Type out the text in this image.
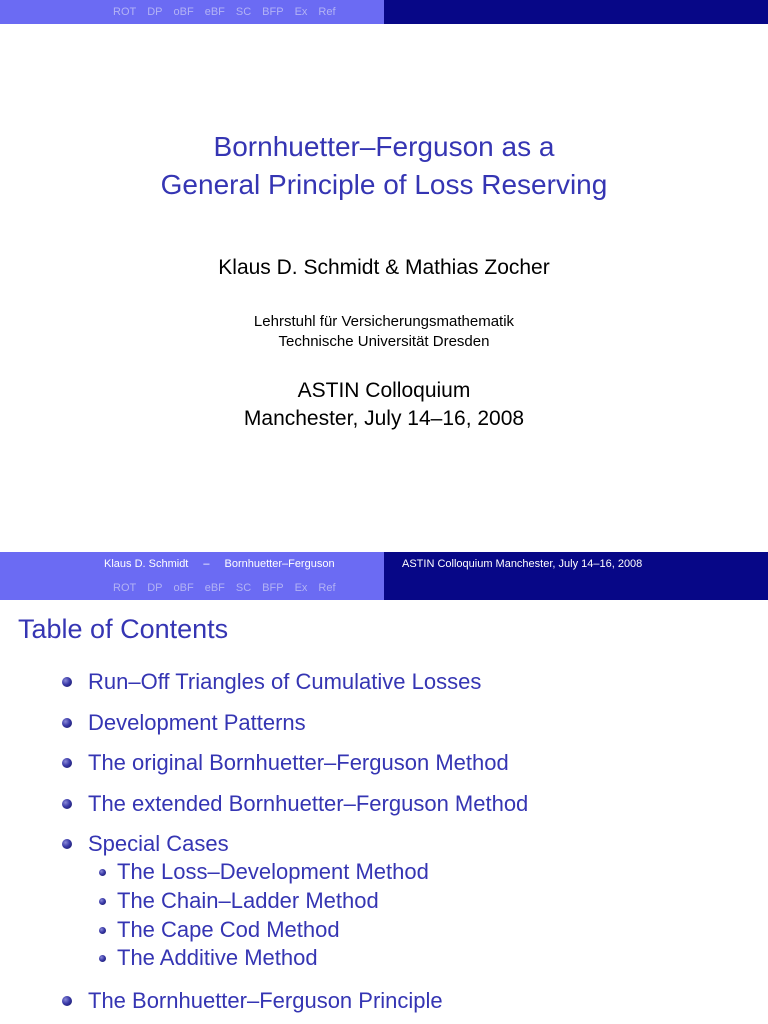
ROT DP oBF eBF SC BFP Ex Ref
Bornhuetter–Ferguson as a
General Principle of Loss Reserving
Klaus D. Schmidt & Mathias Zocher
Lehrstuhl für Versicherungsmathematik
Technische Universität Dresden
ASTIN Colloquium
Manchester, July 14–16, 2008
Klaus D. Schmidt – Bornhuetter–Ferguson
ROT DP oBF eBF SC BFP Ex Ref
ASTIN Colloquium Manchester, July 14–16, 2008
Table of Contents
Run–Off Triangles of Cumulative Losses
Development Patterns
The original Bornhuetter–Ferguson Method
The extended Bornhuetter–Ferguson Method
Special Cases
The Loss–Development Method
The Chain–Ladder Method
The Cape Cod Method
The Additive Method
The Bornhuetter–Ferguson Principle
